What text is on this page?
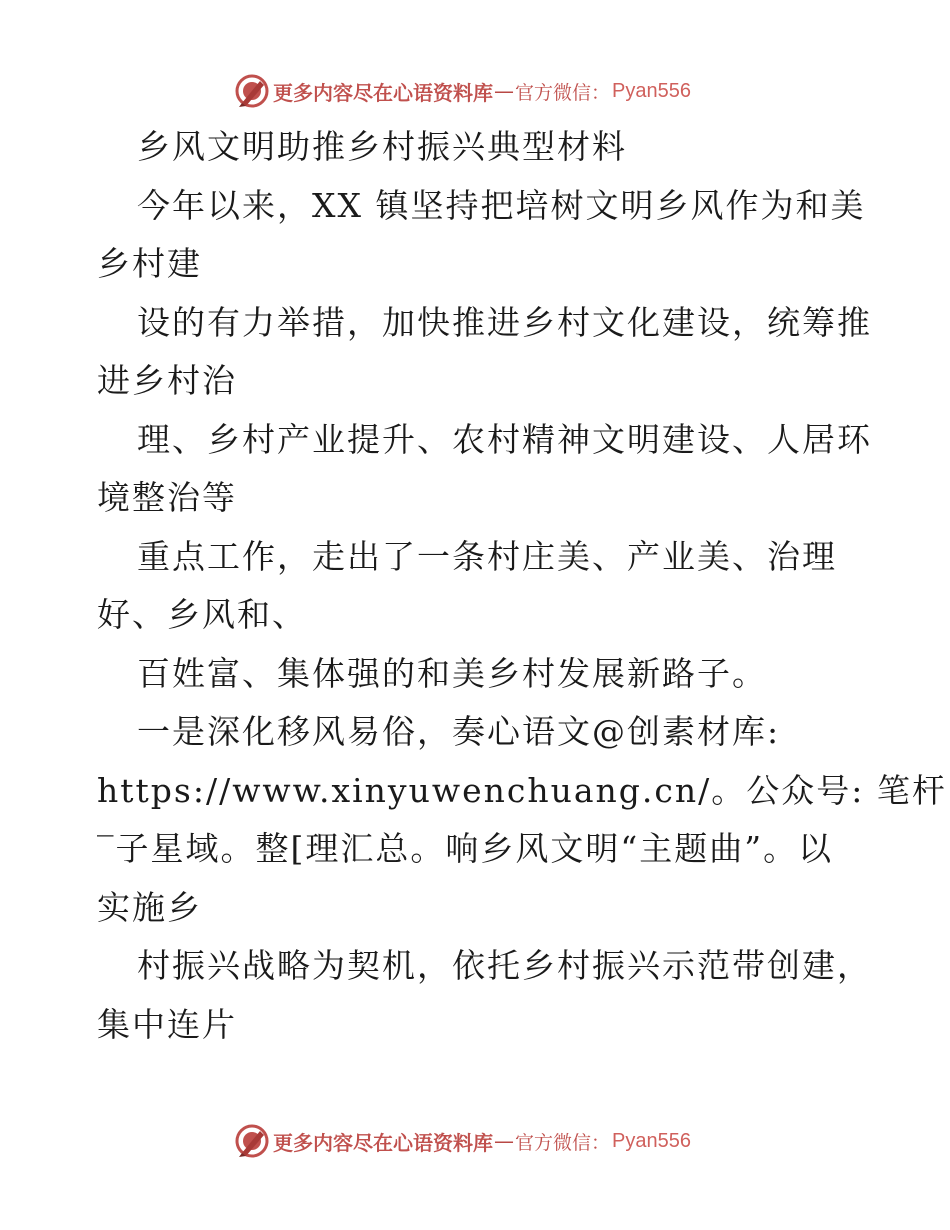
更多内容尽在心语资料库 — 官方微信： Pyan556
乡风文明助推乡村振兴典型材料
今年以来，XX 镇坚持把培树文明乡风作为和美
乡村建
设的有力举措，加快推进乡村文化建设，统筹推
进乡村治
理、乡村产业提升、农村精神文明建设、人居环
境整治等
重点工作，走出了一条村庄美、产业美、治理
好、乡风和、
百姓富、集体强的和美乡村发展新路子。
一是深化移风易俗，奏心语文@创素材库:
https://www.xinyuwenchuang.cn/。公众号: 笔杆
‾子星域。整[理汇总。响乡风文明“主题曲”。以
实施乡
村振兴战略为契机，依托乡村振兴示范带创建，
集中连片
更多内容尽在心语资料库 — 官方微信： Pyan556
